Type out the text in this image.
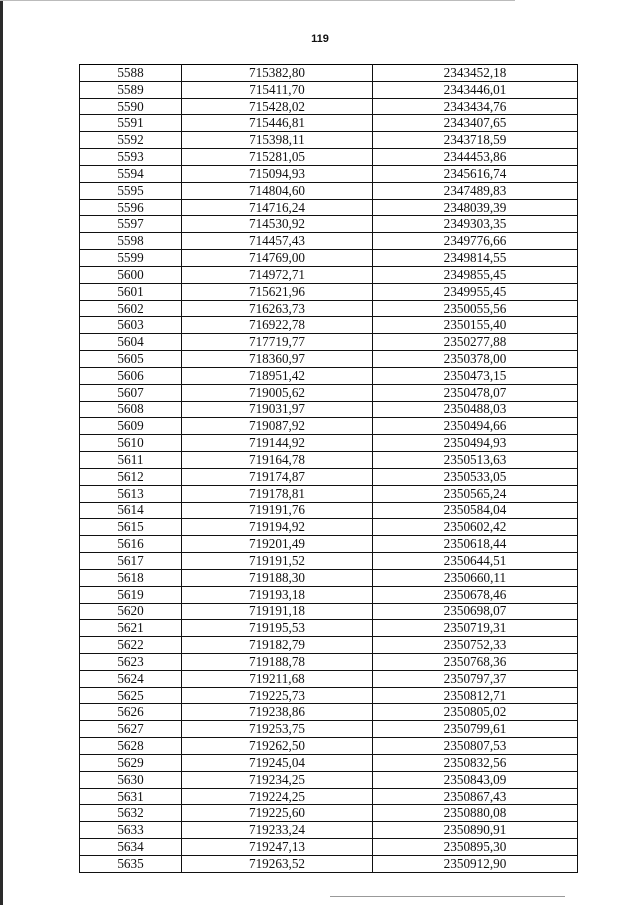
119
5588	715382,80	2343452,18
5589	715411,70	2343446,01
5590	715428,02	2343434,76
5591	715446,81	2343407,65
5592	715398,11	2343718,59
5593	715281,05	2344453,86
5594	715094,93	2345616,74
5595	714804,60	2347489,83
5596	714716,24	2348039,39
5597	714530,92	2349303,35
5598	714457,43	2349776,66
5599	714769,00	2349814,55
5600	714972,71	2349855,45
5601	715621,96	2349955,45
5602	716263,73	2350055,56
5603	716922,78	2350155,40
5604	717719,77	2350277,88
5605	718360,97	2350378,00
5606	718951,42	2350473,15
5607	719005,62	2350478,07
5608	719031,97	2350488,03
5609	719087,92	2350494,66
5610	719144,92	2350494,93
5611	719164,78	2350513,63
5612	719174,87	2350533,05
5613	719178,81	2350565,24
5614	719191,76	2350584,04
5615	719194,92	2350602,42
5616	719201,49	2350618,44
5617	719191,52	2350644,51
5618	719188,30	2350660,11
5619	719193,18	2350678,46
5620	719191,18	2350698,07
5621	719195,53	2350719,31
5622	719182,79	2350752,33
5623	719188,78	2350768,36
5624	719211,68	2350797,37
5625	719225,73	2350812,71
5626	719238,86	2350805,02
5627	719253,75	2350799,61
5628	719262,50	2350807,53
5629	719245,04	2350832,56
5630	719234,25	2350843,09
5631	719224,25	2350867,43
5632	719225,60	2350880,08
5633	719233,24	2350890,91
5634	719247,13	2350895,30
5635	719263,52	2350912,90
